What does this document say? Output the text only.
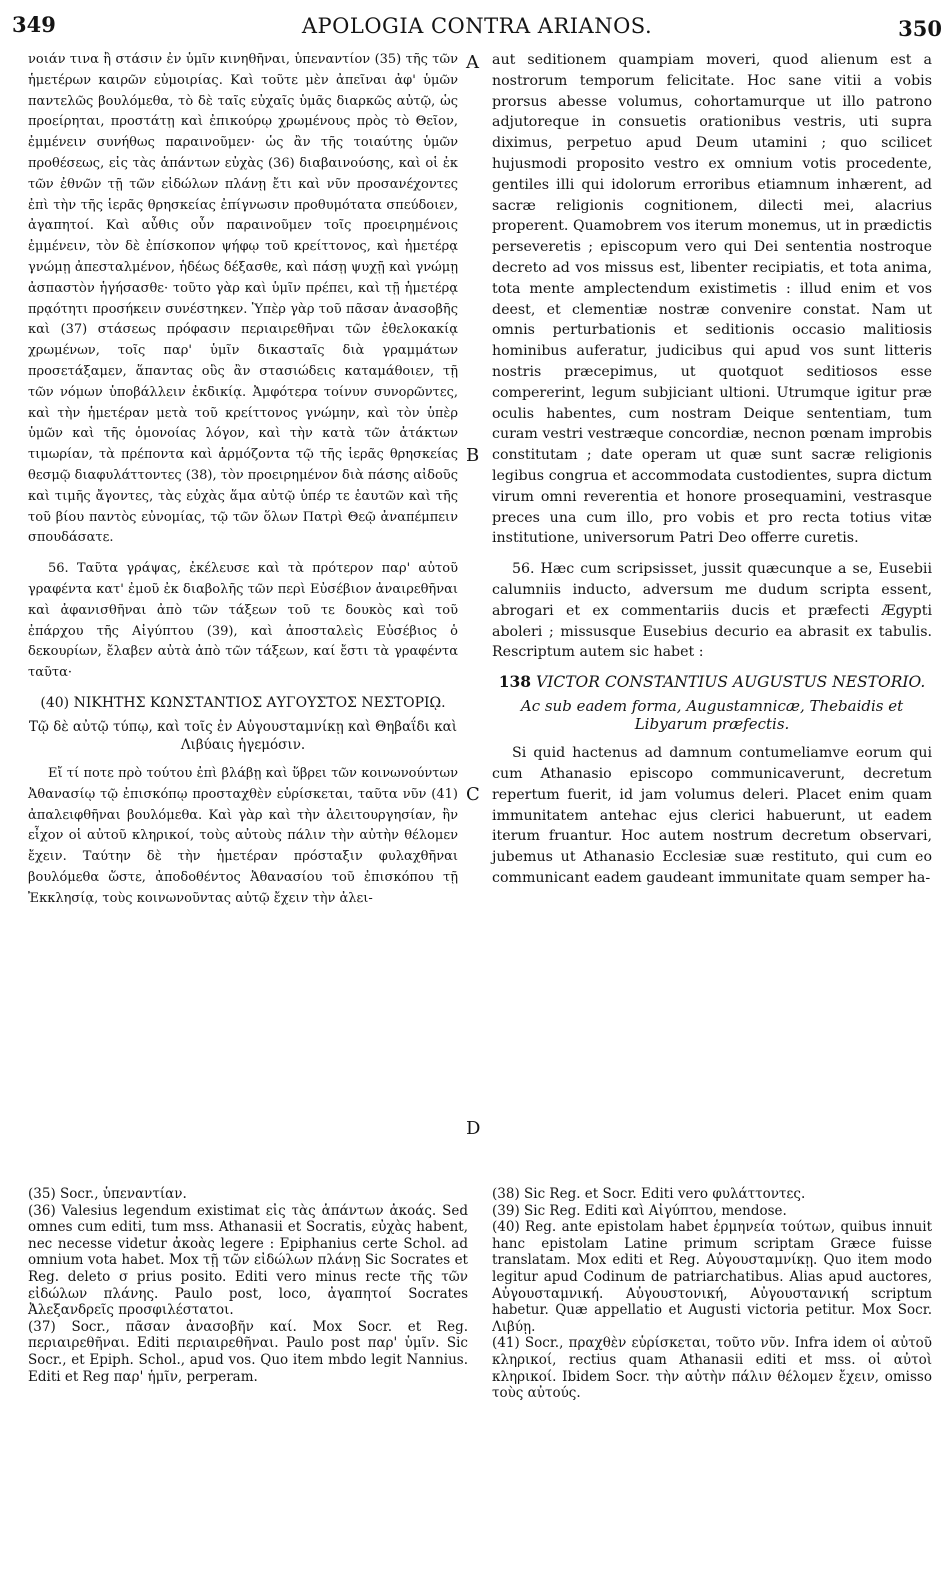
349	APOLOGIA CONTRA ARIANOS.	350

νοιάν τινα ἢ στάσιν ἐν ὑμῖν κινηθῆναι, ὑπεναντίον (35) τῆς τῶν ἡμετέρων καιρῶν εὐμοιρίας. Καὶ τοῦτε μὲν ἀπεῖναι ἀφ' ὑμῶν παντελῶς βουλόμεθα, τὸ δὲ ταῖς εὐχαῖς ὑμᾶς διαρκῶς αὐτῷ, ὡς προείρηται, προστάτῃ καὶ ἐπικούρῳ χρωμένους πρὸς τὸ Θεῖον, ἐμμένειν συνήθως παραινοῦμεν· ὡς ἂν τῆς τοιαύτης ὑμῶν προθέσεως, εἰς τὰς ἁπάντων εὐχὰς (36) διαβαινούσης, καὶ οἱ ἐκ τῶν ἐθνῶν τῇ τῶν εἰδώλων πλάνῃ ἔτι καὶ νῦν προσανέχοντες ἐπὶ τὴν τῆς ἱερᾶς θρησκείας ἐπίγνωσιν προθυμότατα σπεύδοιεν, ἀγαπητοί. Καὶ αὖθις οὖν παραινοῦμεν τοῖς προειρημένοις ἐμμένειν, τὸν δὲ ἐπίσκοπον ψήφῳ τοῦ κρείττονος, καὶ ἡμετέρᾳ γνώμῃ ἀπεσταλμένον, ἡδέως δέξασθε, καὶ πάσῃ ψυχῇ καὶ γνώμῃ ἀσπαστὸν ἡγήσασθε· τοῦτο γὰρ καὶ ὑμῖν πρέπει, καὶ τῇ ἡμετέρᾳ πρᾳότητι προσήκειν συνέστηκεν. Ὑπὲρ γὰρ τοῦ πᾶσαν ἀνασοβῆς καὶ (37) στάσεως πρόφασιν περιαιρεθῆναι τῶν ἐθελοκακίᾳ χρωμένων, τοῖς παρ' ὑμῖν δικασταῖς διὰ γραμμάτων προσετάξαμεν, ἅπαντας οὓς ἂν στασιώδεις καταμάθοιεν, τῇ τῶν νόμων ὑποβάλλειν ἐκδικίᾳ. Ἀμφότερα τοίνυν συνορῶντες, καὶ τὴν ἡμετέραν μετὰ τοῦ κρείττονος γνώμην, καὶ τὸν ὑπὲρ ὑμῶν καὶ τῆς ὁμονοίας λόγον, καὶ τὴν κατὰ τῶν ἀτάκτων τιμωρίαν, τὰ πρέποντα καὶ ἁρμόζοντα τῷ τῆς ἱερᾶς θρησκείας θεσμῷ διαφυλάττοντες (38), τὸν προειρημένον διὰ πάσης αἰδοῦς καὶ τιμῆς ἄγοντες, τὰς εὐχὰς ἅμα αὐτῷ ὑπέρ τε ἑαυτῶν καὶ τῆς τοῦ βίου παντὸς εὐνομίας, τῷ τῶν ὅλων Πατρὶ Θεῷ ἀναπέμπειν σπουδάσατε.

56. Ταῦτα γράψας, ἐκέλευσε καὶ τὰ πρότερον παρ' αὐτοῦ γραφέντα κατ' ἐμοῦ ἐκ διαβολῆς τῶν περὶ Εὐσέβιον ἀναιρεθῆναι καὶ ἀφανισθῆναι ἀπὸ τῶν τάξεων τοῦ τε δουκὸς καὶ τοῦ ἐπάρχου τῆς Αἰγύπτου (39), καὶ ἀποσταλεὶς Εὐσέβιος ὁ δεκουρίων, ἔλαβεν αὐτὰ ἀπὸ τῶν τάξεων, καί ἔστι τὰ γραφέντα ταῦτα·

(40) ΝΙΚΗΤΗΣ ΚΩΝΣΤΑΝΤΙΟΣ ΑΥΓΟΥΣΤΟΣ ΝΕΣΤΟΡΙῼ.
Τῷ δὲ αὐτῷ τύπῳ, καὶ τοῖς ἐν Αὐγουσταμνίκῃ καὶ Θηβαΐδι καὶ Λιβύαις ἡγεμόσιν.

Εἴ τί ποτε πρὸ τούτου ἐπὶ βλάβῃ καὶ ὕβρει τῶν κοινωνούντων Ἀθανασίῳ τῷ ἐπισκόπῳ προσταχθὲν εὑρίσκεται, ταῦτα νῦν (41) ἀπαλειφθῆναι βουλόμεθα. Καὶ γὰρ καὶ τὴν ἀλειτουργησίαν, ἣν εἶχον οἱ αὐτοῦ κληρικοί, τοὺς αὐτοὺς πάλιν τὴν αὐτὴν θέλομεν ἔχειν. Ταύτην δὲ τὴν ἡμετέραν πρόσταξιν φυλαχθῆναι βουλόμεθα ὥστε, ἀποδοθέντος Ἀθανασίου τοῦ ἐπισκόπου τῇ Ἐκκλησίᾳ, τοὺς κοινωνοῦντας αὐτῷ ἔχειν τὴν ἀλει-

A
B
C
D

aut seditionem quampiam moveri, quod alienum est a nostrorum temporum felicitate. Hoc sane vitii a vobis prorsus abesse volumus, cohortamurque ut illo patrono adjutoreque in consuetis orationibus vestris, uti supra diximus, perpetuo apud Deum utamini ; quo scilicet hujusmodi proposito vestro ex omnium votis procedente, gentiles illi qui idolorum erroribus etiamnum inhærent, ad sacræ religionis cognitionem, dilecti mei, alacrius properent. Quamobrem vos iterum monemus, ut in prædictis perseveretis ; episcopum vero qui Dei sententia nostroque decreto ad vos missus est, libenter recipiatis, et tota anima, tota mente amplectendum existimetis : illud enim et vos deest, et clementiæ nostræ convenire constat. Nam ut omnis perturbationis et seditionis occasio malitiosis hominibus auferatur, judicibus qui apud vos sunt litteris nostris præcepimus, ut quotquot seditiosos esse compererint, legum subjiciant ultioni. Utrumque igitur præ oculis habentes, cum nostram Deique sententiam, tum curam vestri vestræque concordiæ, necnon pœnam improbis constitutam ; date operam ut quæ sunt sacræ religionis legibus congrua et accommodata custodientes, supra dictum virum omni reverentia et honore prosequamini, vestrasque preces una cum illo, pro vobis et pro recta totius vitæ institutione, universorum Patri Deo offerre curetis.

56. Hæc cum scripsisset, jussit quæcunque a se, Eusebii calumniis inducto, adversum me dudum scripta essent, abrogari et ex commentariis ducis et præfecti Ægypti aboleri ; missusque Eusebius decurio ea abrasit ex tabulis. Rescriptum autem sic habet :

138 VICTOR CONSTANTIUS AUGUSTUS NESTORIO.
Ac sub eadem forma, Augustamnicæ, Thebaidis et Libyarum præfectis.

Si quid hactenus ad damnum contumeliamve eorum qui cum Athanasio episcopo communicaverunt, decretum repertum fuerit, id jam volumus deleri. Placet enim quam immunitatem antehac ejus clerici habuerunt, ut eadem iterum fruantur. Hoc autem nostrum decretum observari, jubemus ut Athanasio Ecclesiæ suæ restituto, qui cum eo communicant eadem gaudeant immunitate quam semper ha-

(35) Socr., ὑπεναντίαν.

(36) Valesius legendum existimat εἰς τὰς ἁπάντων ἀκοάς. Sed omnes cum editi, tum mss. Athanasii et Socratis, εὐχὰς habent, nec necesse videtur ἀκοὰς legere : Epiphanius certe Schol. ad omnium vota habet. Mox τῇ τῶν εἰδώλων πλάνῃ Sic Socrates et Reg. deleto σ prius posito. Editi vero minus recte τῆς τῶν εἰδώλων πλάνης. Paulo post, loco, ἀγαπητοί Socrates Ἀλεξανδρεῖς προσφιλέστατοι.

(37) Socr., πᾶσαν ἀνασοβῆν καί. Mox Socr. et Reg. περιαιρεθῆναι. Editi περιαιρεθῆναι. Paulo post παρ' ὑμῖν. Sic Socr., et Epiph. Schol., apud vos. Quo item mbdo legit Nannius. Editi et Reg παρ' ἡμῖν, perperam.

(38) Sic Reg. et Socr. Editi vero φυλάττοντες.

(39) Sic Reg. Editi καὶ Αἰγύπτου, mendose.

(40) Reg. ante epistolam habet ἑρμηνεία τούτων, quibus innuit hanc epistolam Latine primum scriptam Græce fuisse translatam. Mox editi et Reg. Αὐγουσταμνίκῃ. Quo item modo legitur apud Codinum de patriarchatibus. Alias apud auctores, Αὐγουσταμνική. Αὐγουστονική, Αὐγουστανική scriptum habetur. Quæ appellatio et Augusti victoria petitur. Mox Socr. Λιβύῃ.

(41) Socr., πραχθὲν εὑρίσκεται, τοῦτο νῦν. Infra idem οἱ αὐτοῦ κληρικοί, rectius quam Athanasii editi et mss. οἱ αὐτοὶ κληρικοί. Ibidem Socr. τὴν αὐτὴν πάλιν θέλομεν ἔχειν, omisso τοὺς αὐτούς.
